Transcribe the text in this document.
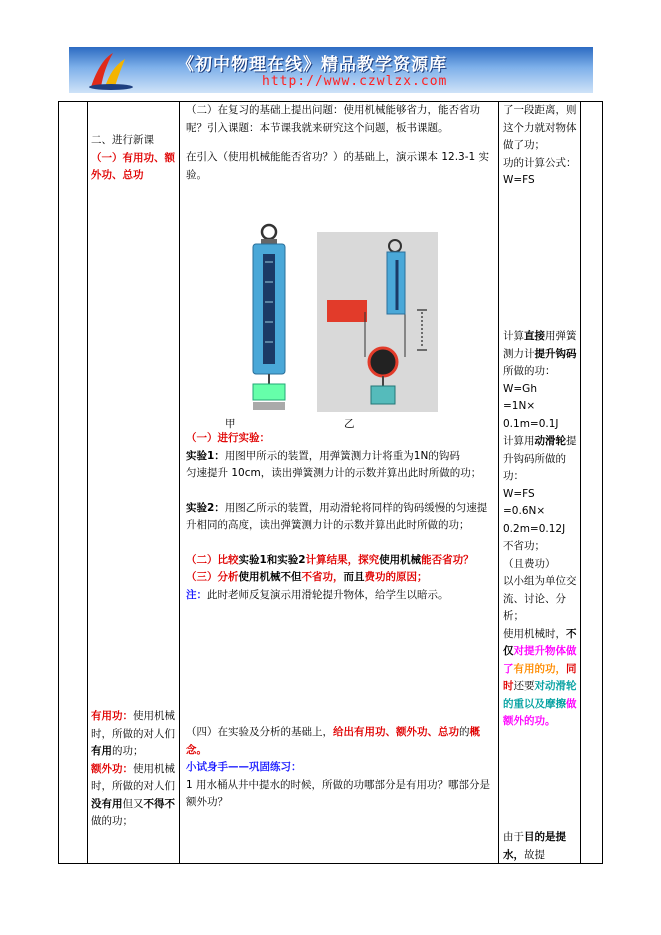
《初中物理在线》精品教学资源库
http://www.czwlzx.com
二、进行新课
（一）有用功、额外功、总功
有用功：使用机械时，所做的对人们有用的功；
额外功：使用机械时，所做的对人们没有用但又不得不做的功；
（二）在复习的基础上提出问题：使用机械能够省力，能否省功呢？引入课题：本节课我就来研究这个问题，板书课题。
在引入（使用机械能能否省功？）的基础上，演示课本 12.3-1 实验。
甲	乙
（一）进行实验：
实验1：用图甲所示的装置，用弹簧测力计将重为1N的钩码
匀速提升 10cm，读出弹簧测力计的示数并算出此时所做的功；
实验2：用图乙所示的装置，用动滑轮将同样的钩码缓慢的匀速提升相同的高度，读出弹簧测力计的示数并算出此时所做的功；
（二）比较实验1和实验2计算结果，探究使用机械能否省功？
（三）分析使用机械不但不省功，而且费功的原因；
注：此时老师反复演示用滑轮提升物体，给学生以暗示。
（四）在实验及分析的基础上，给出有用功、额外功、总功的概念。
小试身手——巩固练习：
1 用水桶从井中提水的时候，所做的功哪部分是有用功？哪部分是额外功？
了一段距离，则这个力就对物体做了功；
功的计算公式：W=FS
计算直接用弹簧测力计提升钩码所做的功：
W=Gh
=1N×
0.1m=0.1J
计算用动滑轮提升钩码所做的功：
W=FS
=0.6N×
0.2m=0.12J
不省功；
（且费功）
以小组为单位交流、讨论、分析；
使用机械时，不仅对提升物体做了有用的功，同时还要对动滑轮的重以及摩擦做额外的功。
由于目的是提水，故提
